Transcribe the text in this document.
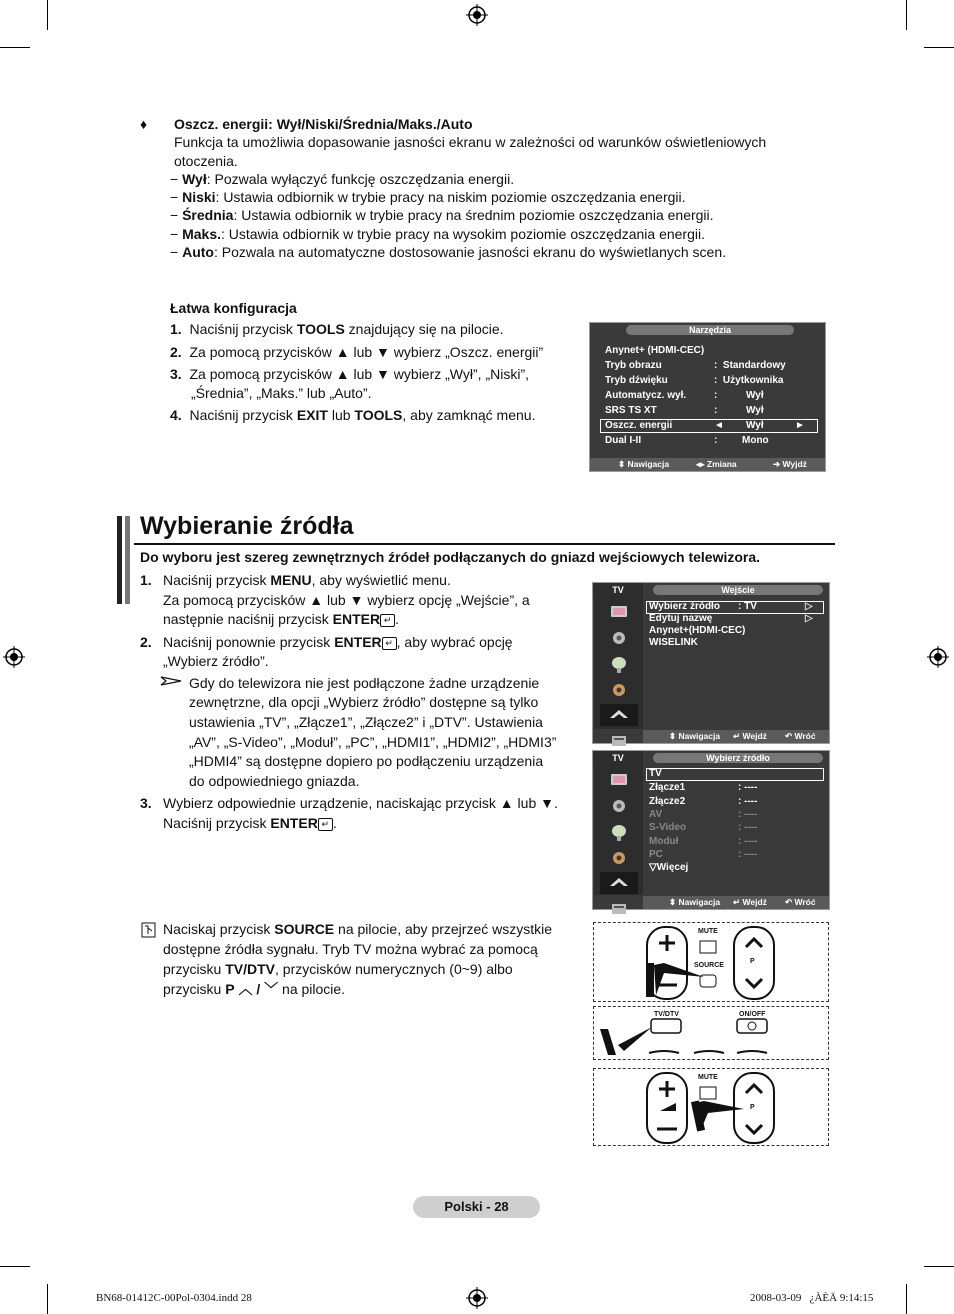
♦ Oszcz. energii: Wył/Niski/Średnia/Maks./Auto
Funkcja ta umożliwia dopasowanie jasności ekranu w zależności od warunków oświetleniowych
otoczenia.
− Wył: Pozwala wyłączyć funkcję oszczędzania energii.
− Niski: Ustawia odbiornik w trybie pracy na niskim poziomie oszczędzania energii.
− Średnia: Ustawia odbiornik w trybie pracy na średnim poziomie oszczędzania energii.
− Maks.: Ustawia odbiornik w trybie pracy na wysokim poziomie oszczędzania energii.
− Auto: Pozwala na automatyczne dostosowanie jasności ekranu do wyświetlanych scen.
Łatwa konfiguracja
1. Naciśnij przycisk TOOLS znajdujący się na pilocie.
2. Za pomocą przycisków ▲ lub ▼ wybierz „Oszcz. energii”
3. Za pomocą przycisków ▲ lub ▼ wybierz „Wył”, „Niski”,
„Średnia”, „Maks.” lub „Auto”.
4. Naciśnij przycisk EXIT lub TOOLS, aby zamknąć menu.
Narzędzia
Anynet+ (HDMI-CEC)
Tryb obrazu	: Standardowy
Tryb dźwięku	: Użytkownika
Automatycz. wył.	:	Wył
SRS TS XT	:	Wył
Oszcz. energii	◄ Wył	►
Dual I-II	: Mono
⬍ Nawigacja	◂▸ Zmiana	➔ Wyjdź
Wybieranie źródła
Do wyboru jest szereg zewnętrznych źródeł podłączanych do gniazd wejściowych telewizora.
1. Naciśnij przycisk MENU, aby wyświetlić menu.
Za pomocą przycisków ▲ lub ▼ wybierz opcję „Wejście”, a
następnie naciśnij przycisk ENTER ↵ .
2. Naciśnij ponownie przycisk ENTER ↵ , aby wybrać opcję
„Wybierz źródło”.
Gdy do telewizora nie jest podłączone żadne urządzenie
zewnętrzne, dla opcji „Wybierz źródło” dostępne są tylko
ustawienia „TV”, „Złącze1”, „Złącze2” i „DTV”. Ustawienia
„AV”, „S-Video”, „Moduł”, „PC”, „HDMI1”, „HDMI2”, „HDMI3”
„HDMI4” są dostępne dopiero po podłączeniu urządzenia
do odpowiedniego gniazda.
3. Wybierz odpowiednie urządzenie, naciskając przycisk ▲ lub ▼.
Naciśnij przycisk ENTER ↵ .
TV	Wejście
Wybierz źródło : TV	▷
Edytuj nazwę	▷
Anynet+(HDMI-CEC)
WISELINK
⬍ Nawigacja ↵ Wejdź ↶ Wróć
TV	Wybierz źródło
TV
Złącze1	: ----
Złącze2	: ----
AV	: ----
S-Video	: ----
Moduł	: ----
PC	: ----
▽Więcej
⬍ Nawigacja ↵ Wejdź ↶ Wróć
Naciskaj przycisk SOURCE na pilocie, aby przejrzeć wszystkie
dostępne źródła sygnału. Tryb TV można wybrać za pomocą
przycisku TV/DTV, przycisków numerycznych (0~9) albo
przycisku P ︿ / ﹀ na pilocie.
MUTE
SOURCE
P
TV/DTV	ON/OFF
MUTE
P
Polski - 28
BN68-01412C-00Pol-0304.indd 28	2008-03-09   ¿ÀÈÄ 9:14:15
